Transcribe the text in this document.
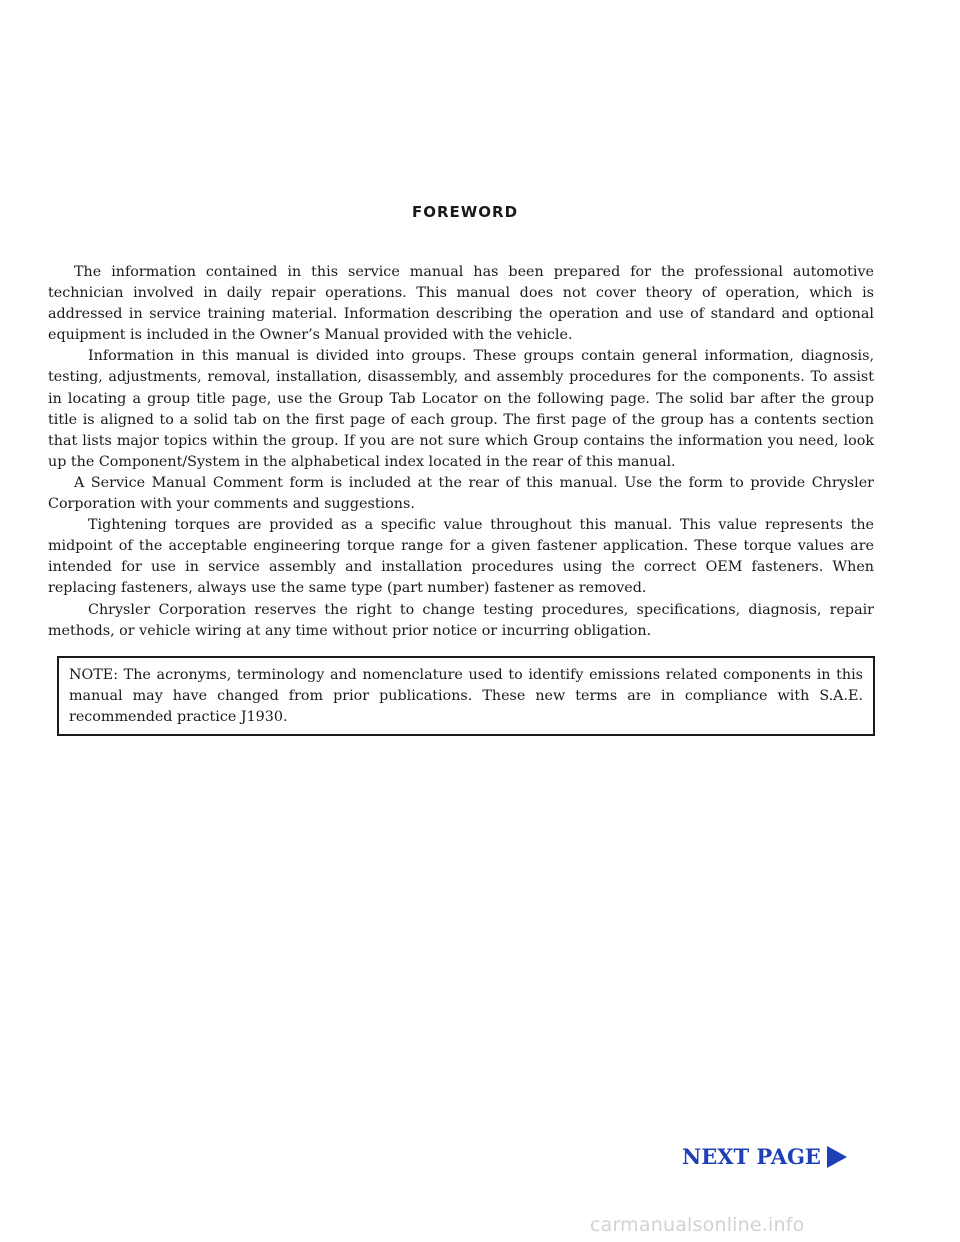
FOREWORD

The information contained in this service manual has been prepared for the professional automotive technician involved in daily repair operations. This manual does not cover theory of operation, which is addressed in service training material. Information describing the operation and use of standard and optional equipment is included in the Owner’s Manual provided with the vehicle.

Information in this manual is divided into groups. These groups contain general information, diagnosis, testing, adjustments, removal, installation, disassembly, and assembly procedures for the components. To assist in locating a group title page, use the Group Tab Locator on the following page. The solid bar after the group title is aligned to a solid tab on the first page of each group. The first page of the group has a contents section that lists major topics within the group. If you are not sure which Group contains the information you need, look up the Component/System in the alphabetical index located in the rear of this manual.

A Service Manual Comment form is included at the rear of this manual. Use the form to provide Chrysler Corporation with your comments and suggestions.

Tightening torques are provided as a specific value throughout this manual. This value represents the midpoint of the acceptable engineering torque range for a given fastener application. These torque values are intended for use in service assembly and installation procedures using the correct OEM fasteners. When replacing fasteners, always use the same type (part number) fastener as removed.

Chrysler Corporation reserves the right to change testing procedures, specifications, diagnosis, repair methods, or vehicle wiring at any time without prior notice or incurring obligation.

NOTE: The acronyms, terminology and nomenclature used to identify emissions related components in this manual may have changed from prior publications. These new terms are in compliance with S.A.E. recommended practice J1930.
NEXT PAGE
carmanualsonline.info
